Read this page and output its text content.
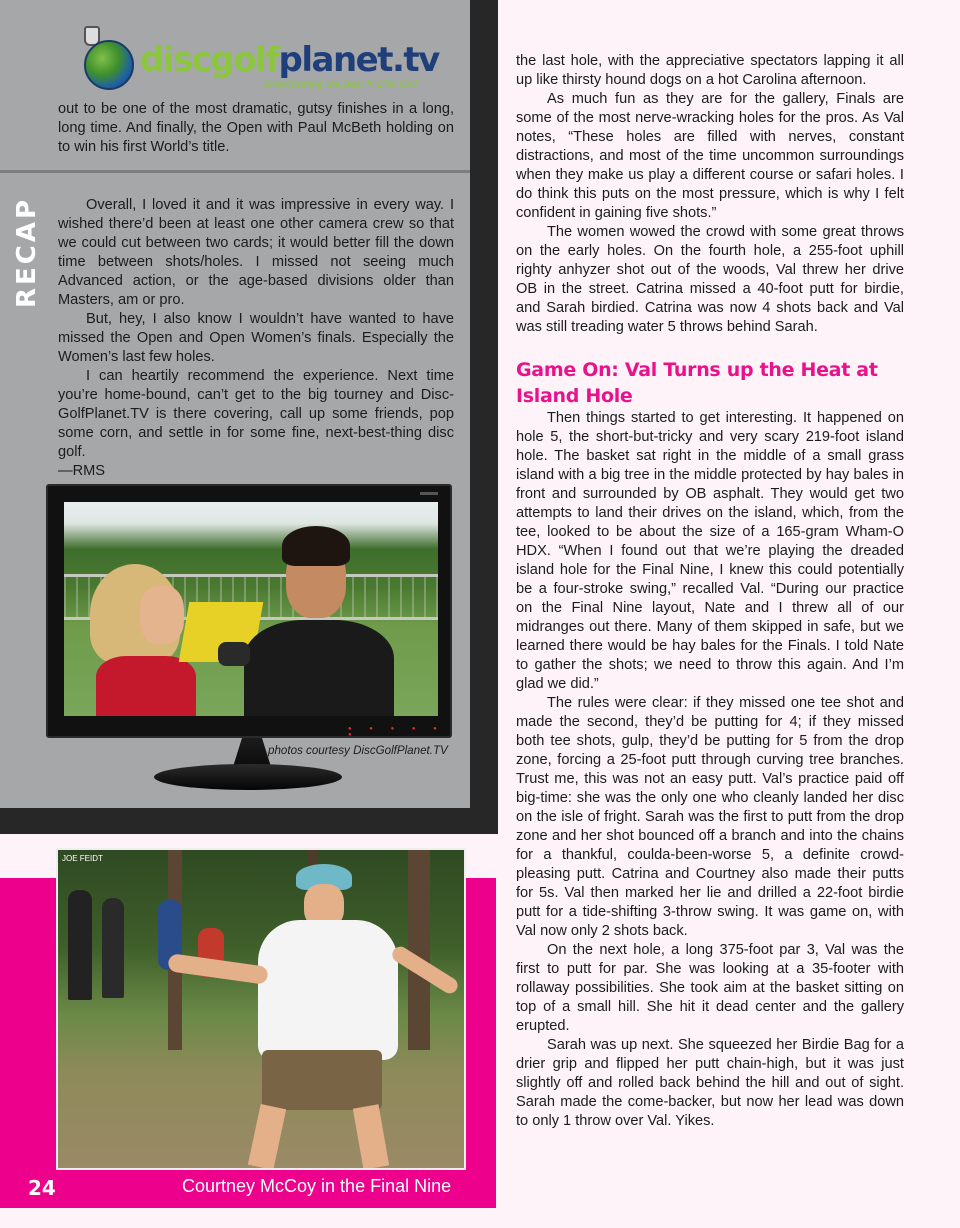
discgolfplanet.tv
Broadcasting the Best in Disc Golf

out to be one of the most dramatic, gutsy finishes in a long, long time. And finally, the Open with Paul McBeth holding on to win his first World’s title.

RECAP	Overall, I loved it and it was impressive in every way. I wished there’d been at least one other camera crew so that we could cut between two cards; it would better fill the down time between shots/holes. I missed not seeing much Advanced action, or the age-based divisions older than Masters, am or pro.

But, hey, I also know I wouldn’t have wanted to have missed the Open and Open Women’s finals. Especially the Women’s last few holes.

I can heartily recommend the experience. Next time you’re home-bound, can’t get to the big tourney and Disc-GolfPlanet.TV is there covering, call up some friends, pop some corn, and settle in for some fine, next-best-thing disc golf.

—RMS

● ● ● ● ● ●
photos courtesy DiscGolfPlanet.TV
JOE FEIDT
24	Courtney McCoy in the Final Nine

the last hole, with the appreciative spectators lapping it all up like thirsty hound dogs on a hot Carolina afternoon.

As much fun as they are for the gallery, Finals are some of the most nerve-wracking holes for the pros. As Val notes, “These holes are filled with nerves, constant distractions, and most of the time uncommon surroundings when they make us play a different course or safari holes. I do think this puts on the most pressure, which is why I felt confident in gaining five shots.”

The women wowed the crowd with some great throws on the early holes. On the fourth hole, a 255-foot uphill righty anhyzer shot out of the woods, Val threw her drive OB in the street. Catrina missed a 40-foot putt for birdie, and Sarah birdied. Catrina was now 4 shots back and Val was still treading water 5 throws behind Sarah.

Game On: Val Turns up the Heat at Island Hole

Then things started to get interesting. It happened on hole 5, the short-but-tricky and very scary 219-foot island hole. The basket sat right in the middle of a small grass island with a big tree in the middle protected by hay bales in front and surrounded by OB asphalt. They would get two attempts to land their drives on the island, which, from the tee, looked to be about the size of a 165-gram Wham-O HDX. “When I found out that we’re playing the dreaded island hole for the Final Nine, I knew this could potentially be a four-stroke swing,” recalled Val. “During our practice on the Final Nine layout, Nate and I threw all of our midranges out there. Many of them skipped in safe, but we learned there would be hay bales for the Finals. I told Nate to gather the shots; we need to throw this again. And I’m glad we did.”

The rules were clear: if they missed one tee shot and made the second, they’d be putting for 4; if they missed both tee shots, gulp, they’d be putting for 5 from the drop zone, forcing a 25-foot putt through curving tree branches. Trust me, this was not an easy putt. Val’s practice paid off big-time: she was the only one who cleanly landed her disc on the isle of fright. Sarah was the first to putt from the drop zone and her shot bounced off a branch and into the chains for a thankful, coulda-been-worse 5, a definite crowd-pleasing putt. Catrina and Courtney also made their putts for 5s. Val then marked her lie and drilled a 22-foot birdie putt for a tide-shifting 3-throw swing. It was game on, with Val now only 2 shots back.

On the next hole, a long 375-foot par 3, Val was the first to putt for par. She was looking at a 35-footer with rollaway possibilities. She took aim at the basket sitting on top of a small hill. She hit it dead center and the gallery erupted.

Sarah was up next. She squeezed her Birdie Bag for a drier grip and flipped her putt chain-high, but it was just slightly off and rolled back behind the hill and out of sight. Sarah made the come-backer, but now her lead was down to only 1 throw over Val. Yikes.
